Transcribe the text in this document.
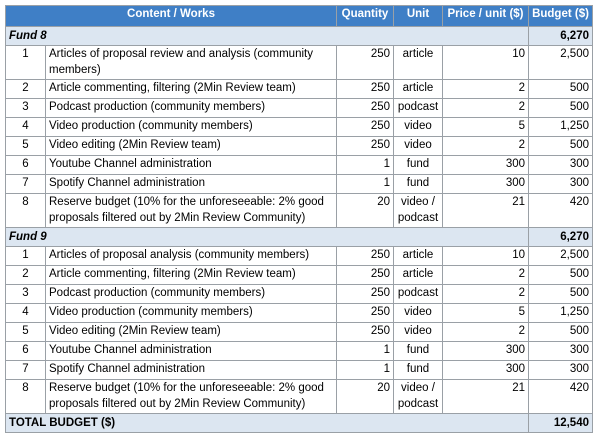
Content / Works		Quantity	Unit	Price / unit ($)	Budget ($)
Fund 8					6,270
1	Articles of proposal review and analysis (community members)	250	article	10	2,500
2	Article commenting, filtering (2Min Review team)	250	article	2	500
3	Podcast production (community members)	250	podcast	2	500
4	Video production (community members)	250	video	5	1,250
5	Video editing (2Min Review team)	250	video	2	500
6	Youtube Channel administration	1	fund	300	300
7	Spotify Channel administration	1	fund	300	300
8	Reserve budget (10% for the unforeseeable: 2% good proposals filtered out by 2Min Review Community)	20	video / podcast	21	420
Fund 9					6,270
1	Articles of proposal analysis (community members)	250	article	10	2,500
2	Article commenting, filtering (2Min Review team)	250	article	2	500
3	Podcast production (community members)	250	podcast	2	500
4	Video production (community members)	250	video	5	1,250
5	Video editing (2Min Review team)	250	video	2	500
6	Youtube Channel administration	1	fund	300	300
7	Spotify Channel administration	1	fund	300	300
8	Reserve budget (10% for the unforeseeable: 2% good proposals filtered out by 2Min Review Community)	20	video / podcast	21	420
TOTAL BUDGET ($)					12,540
